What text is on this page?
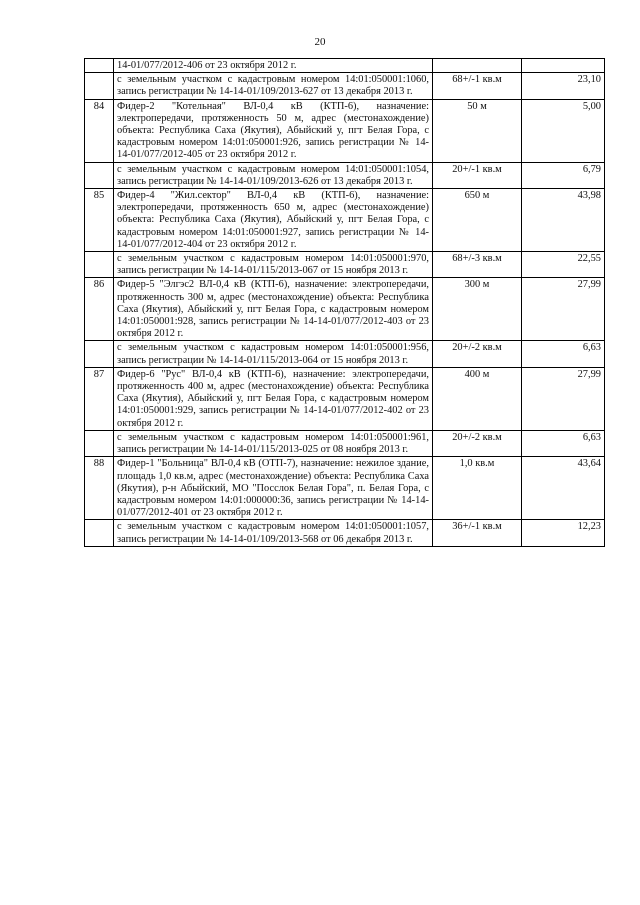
20
	14-01/077/2012-406 от 23 октября 2012 г.		
	с земельным участком с кадастровым номером 14:01:050001:1060, запись регистрации № 14-14-01/109/2013-627 от 13 декабря 2013 г.	68+/-1 кв.м	23,10
84	Фидер-2 "Котельная" ВЛ-0,4 кВ (КТП-6), назначение: электропередачи, протяженность 50 м, адрес (местонахождение) объекта: Республика Саха (Якутия), Абыйский у, пгт Белая Гора, с кадастровым номером 14:01:050001:926, запись регистрации № 14-14-01/077/2012-405 от 23 октября 2012 г.	50 м	5,00
	с земельным участком с кадастровым номером 14:01:050001:1054, запись регистрации № 14-14-01/109/2013-626 от 13 декабря 2013 г.	20+/-1 кв.м	6,79
85	Фидер-4 "Жил.сектор" ВЛ-0,4 кВ (КТП-6), назначение: электропередачи, протяженность 650 м, адрес (местонахождение) объекта: Республика Саха (Якутия), Абыйский у, пгт Белая Гора, с кадастровым номером 14:01:050001:927, запись регистрации № 14-14-01/077/2012-404 от 23 октября 2012 г.	650 м	43,98
	с земельным участком с кадастровым номером 14:01:050001:970, запись регистрации № 14-14-01/115/2013-067 от 15 ноября 2013 г.	68+/-3 кв.м	22,55
86	Фидер-5 "Элгэс2 ВЛ-0,4 кВ (КТП-6), назначение: электропередачи, протяженность 300 м, адрес (местонахождение) объекта: Республика Саха (Якутия), Абыйский у, пгт Белая Гора, с кадастровым номером 14:01:050001:928, запись регистрации № 14-14-01/077/2012-403 от 23 октября 2012 г.	300 м	27,99
	с земельным участком с кадастровым номером 14:01:050001:956, запись регистрации № 14-14-01/115/2013-064 от 15 ноября 2013 г.	20+/-2 кв.м	6,63
87	Фидер-6 "Рус" ВЛ-0,4 кВ (КТП-6), назначение: электропередачи, протяженность 400 м, адрес (местонахождение) объекта: Республика Саха (Якутия), Абыйский у, пгт Белая Гора, с кадастровым номером 14:01:050001:929, запись регистрации № 14-14-01/077/2012-402 от 23 октября 2012 г.	400 м	27,99
	с земельным участком с кадастровым номером 14:01:050001:961, запись регистрации № 14-14-01/115/2013-025 от 08 ноября 2013 г.	20+/-2 кв.м	6,63
88	Фидер-1 "Больница" ВЛ-0,4 кВ (ОТП-7), назначение: нежилое здание, площадь 1,0 кв.м, адрес (местонахождение) объекта: Республика Саха (Якутия), р-н Абыйский, МО "Посслок Белая Гора", п. Белая Гора, с кадастровым номером 14:01:000000:36, запись регистрации № 14-14-01/077/2012-401 от 23 октября 2012 г.	1,0 кв.м	43,64
	с земельным участком с кадастровым номером 14:01:050001:1057, запись регистрации № 14-14-01/109/2013-568 от 06 декабря 2013 г.	36+/-1 кв.м	12,23
